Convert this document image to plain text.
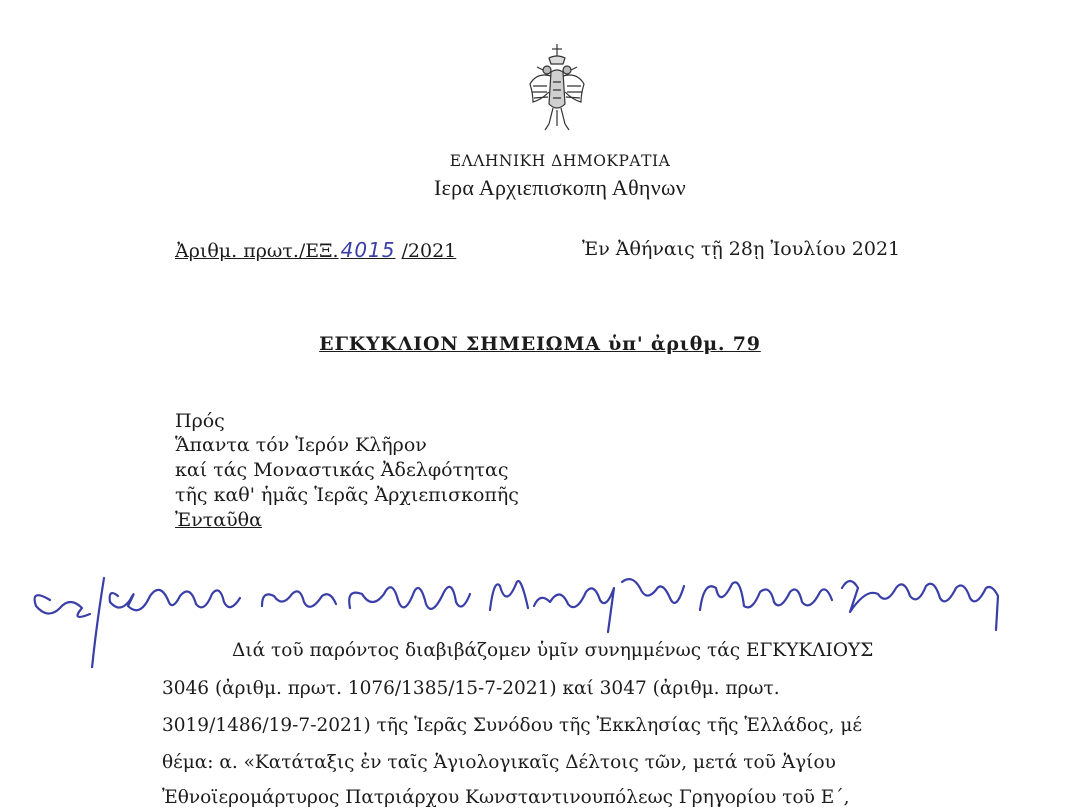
ΕΛΛΗΝΙΚΗ ΔΗΜΟΚΡΑΤΙΑ
Ιερα Αρχιεπισκοπη Αθηνων
Ἀριθμ. πρωτ./ΕΞ. 4015 /2021	Ἐν Ἀθήναις τῇ 28ῃ Ἰουλίου 2021
ΕΓΚΥΚΛΙΟΝ ΣΗΜΕΙΩΜΑ ὑπ' ἀριθμ. 79
Πρός
Ἅπαντα τόν Ἱερόν Κλῆρον
καί τάς Μοναστικάς Ἀδελφότητας
τῆς καθ' ἡμᾶς Ἱερᾶς Ἀρχιεπισκοπῆς
Ἐνταῦθα
Διά τοῦ παρόντος διαβιβάζομεν ὑμῖν συνημμένως τάς ΕΓΚΥΚΛΙΟΥΣ
3046 (ἀριθμ. πρωτ. 1076/1385/15-7-2021) καί 3047 (ἀριθμ. πρωτ.
3019/1486/19-7-2021) τῆς Ἱερᾶς Συνόδου τῆς Ἐκκλησίας τῆς Ἑλλάδος, μέ
θέμα: α. «Κατάταξις ἐν ταῖς Ἁγιολογικαῖς Δέλτοις τῶν, μετά τοῦ Ἁγίου
Ἐθνοϊερομάρτυρος Πατριάρχου Κωνσταντινουπόλεως Γρηγορίου τοῦ Ε΄,
